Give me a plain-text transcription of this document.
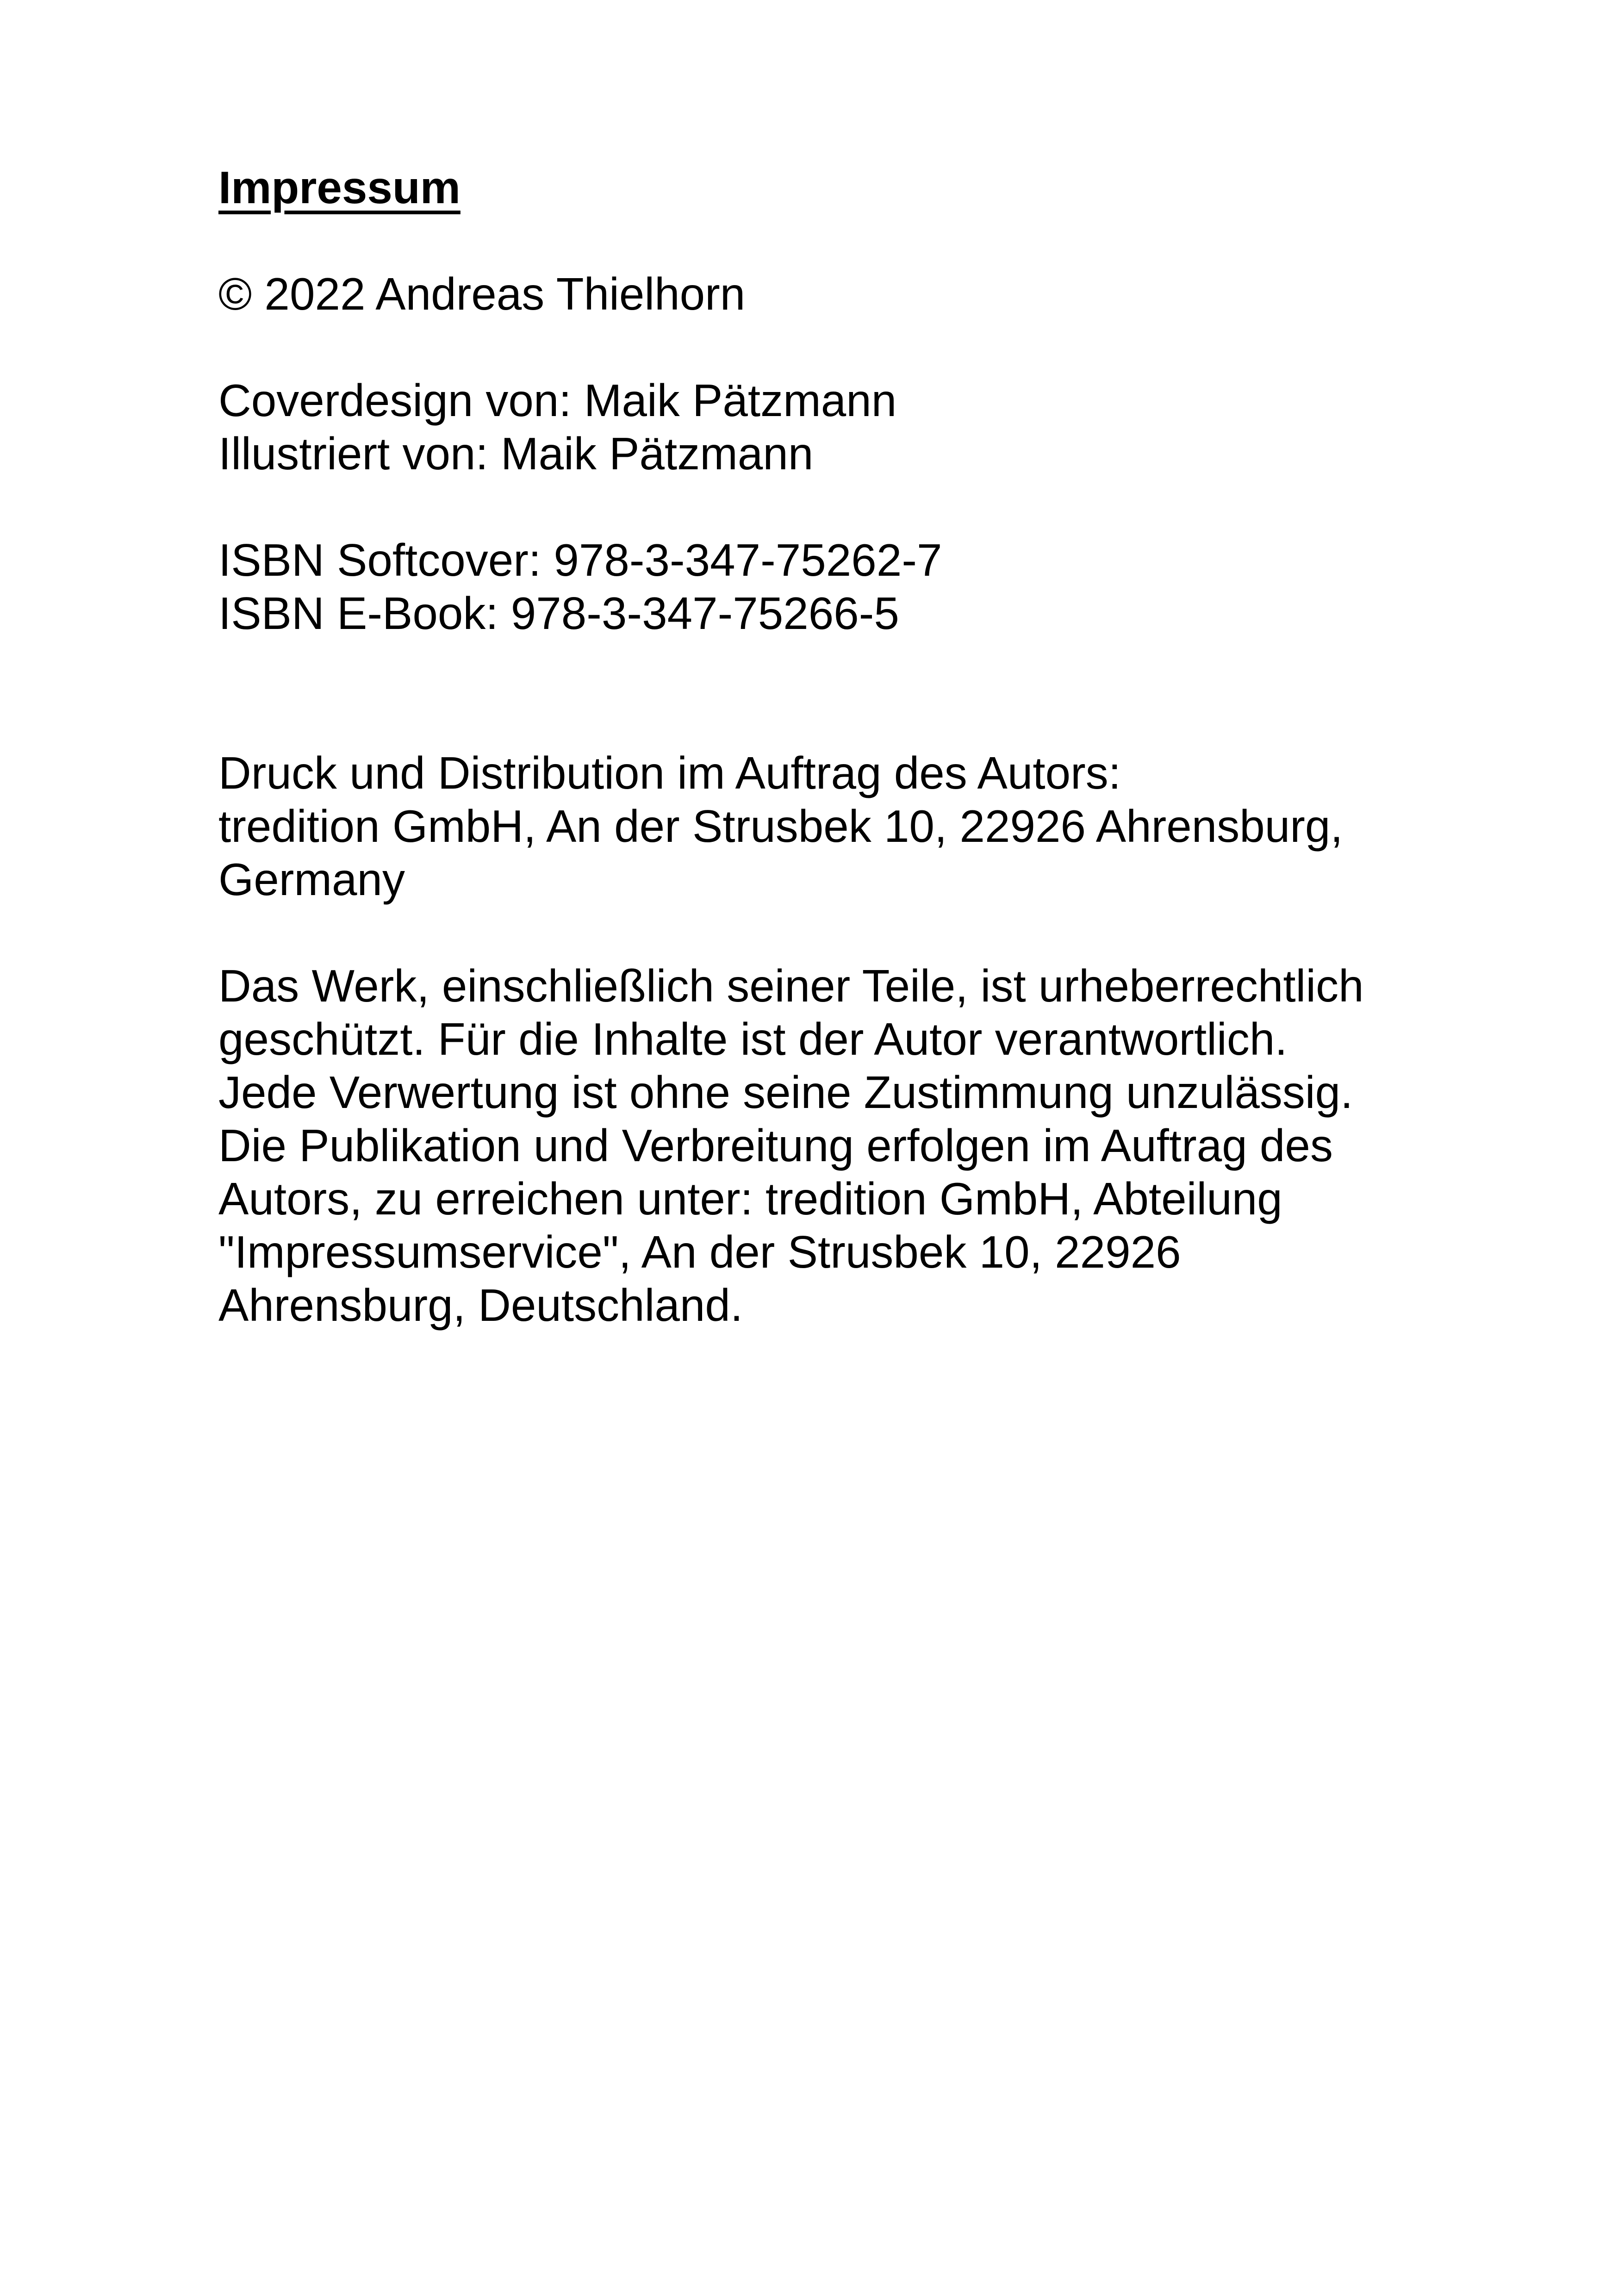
Impressum

© 2022 Andreas Thielhorn

Coverdesign von: Maik Pätzmann

Illustriert von: Maik Pätzmann

ISBN Softcover: 978-3-347-75262-7

ISBN E-Book: 978-3-347-75266-5

Druck und Distribution im Auftrag des Autors:

tredition GmbH, An der Strusbek 10, 22926 Ahrensburg,

Germany

Das Werk, einschließlich seiner Teile, ist urheberrechtlich

geschützt. Für die Inhalte ist der Autor verantwortlich.

Jede Verwertung ist ohne seine Zustimmung unzulässig.

Die Publikation und Verbreitung erfolgen im Auftrag des

Autors, zu erreichen unter: tredition GmbH, Abteilung

"Impressumservice", An der Strusbek 10, 22926

Ahrensburg, Deutschland.
